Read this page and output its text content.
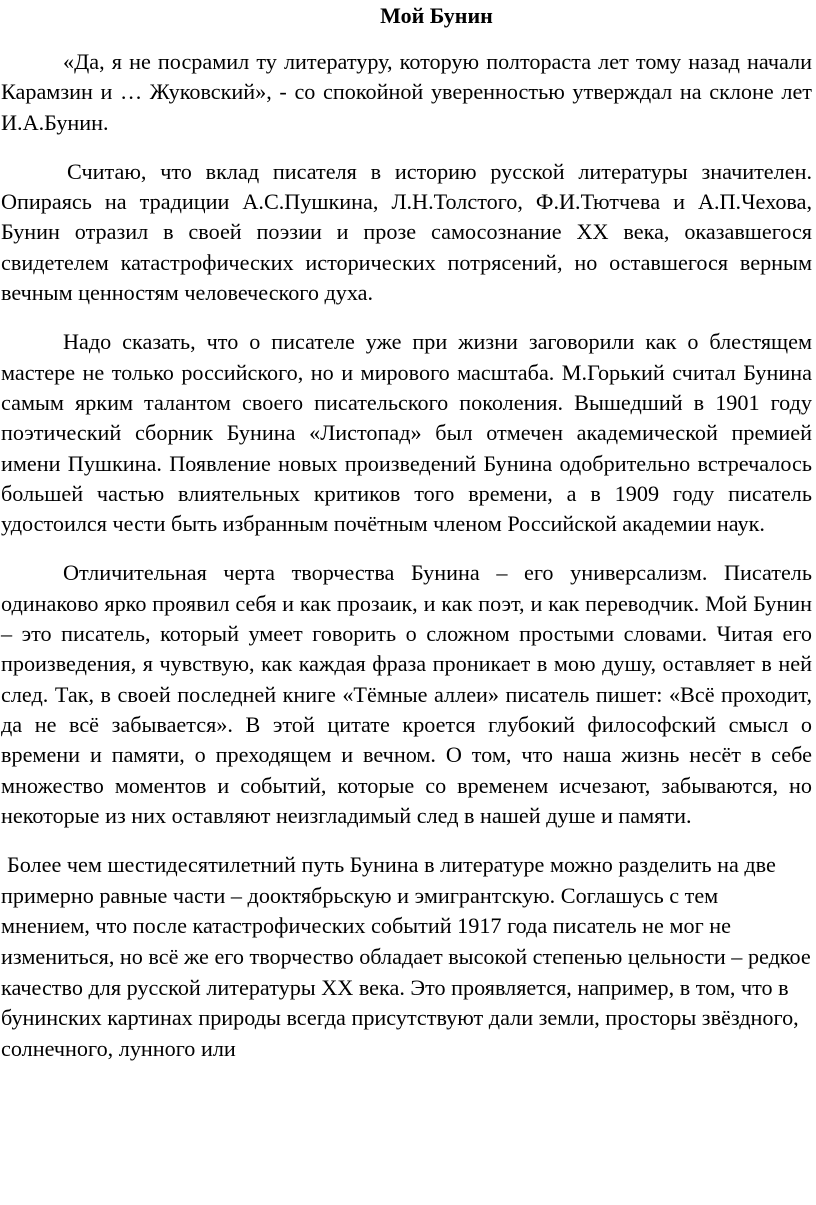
Мой Бунин

«Да, я не посрамил ту литературу, которую полтораста лет тому назад начали Карамзин и … Жуковский», - со спокойной уверенностью утверждал на склоне лет И.А.Бунин.

Считаю, что вклад писателя в историю русской литературы значителен. Опираясь на традиции А.С.Пушкина, Л.Н.Толстого, Ф.И.Тютчева и А.П.Чехова, Бунин отразил в своей поэзии и прозе самосознание XX века, оказавшегося свидетелем катастрофических исторических потрясений, но оставшегося верным вечным ценностям человеческого духа.

Надо сказать, что о писателе уже при жизни заговорили как о блестящем мастере не только российского, но и мирового масштаба. М.Горький считал Бунина самым ярким талантом своего писательского поколения. Вышедший в 1901 году поэтический сборник Бунина «Листопад» был отмечен академической премией имени Пушкина. Появление новых произведений Бунина одобрительно встречалось большей частью влиятельных критиков того времени, а в 1909 году писатель удостоился чести быть избранным почётным членом Российской академии наук.

Отличительная черта творчества Бунина – его универсализм. Писатель одинаково ярко проявил себя и как прозаик, и как поэт, и как переводчик. Мой Бунин – это писатель, который умеет говорить о сложном простыми словами. Читая его произведения, я чувствую, как каждая фраза проникает в мою душу, оставляет в ней след. Так, в своей последней книге «Тёмные аллеи» писатель пишет: «Всё проходит, да не всё забывается». В этой цитате кроется глубокий философский смысл о времени и памяти, о преходящем и вечном. О том, что наша жизнь несёт в себе множество моментов и событий, которые со временем исчезают, забываются, но некоторые из них оставляют неизгладимый след в нашей душе и памяти.

Более чем шестидесятилетний путь Бунина в литературе можно разделить на две примерно равные части – дооктябрьскую и эмигрантскую. Соглашусь с тем мнением, что после катастрофических событий 1917 года писатель не мог не измениться, но всё же его творчество обладает высокой степенью цельности – редкое качество для русской литературы XX века. Это проявляется, например, в том, что в бунинских картинах природы всегда присутствуют дали земли, просторы звёздного, солнечного, лунного или
